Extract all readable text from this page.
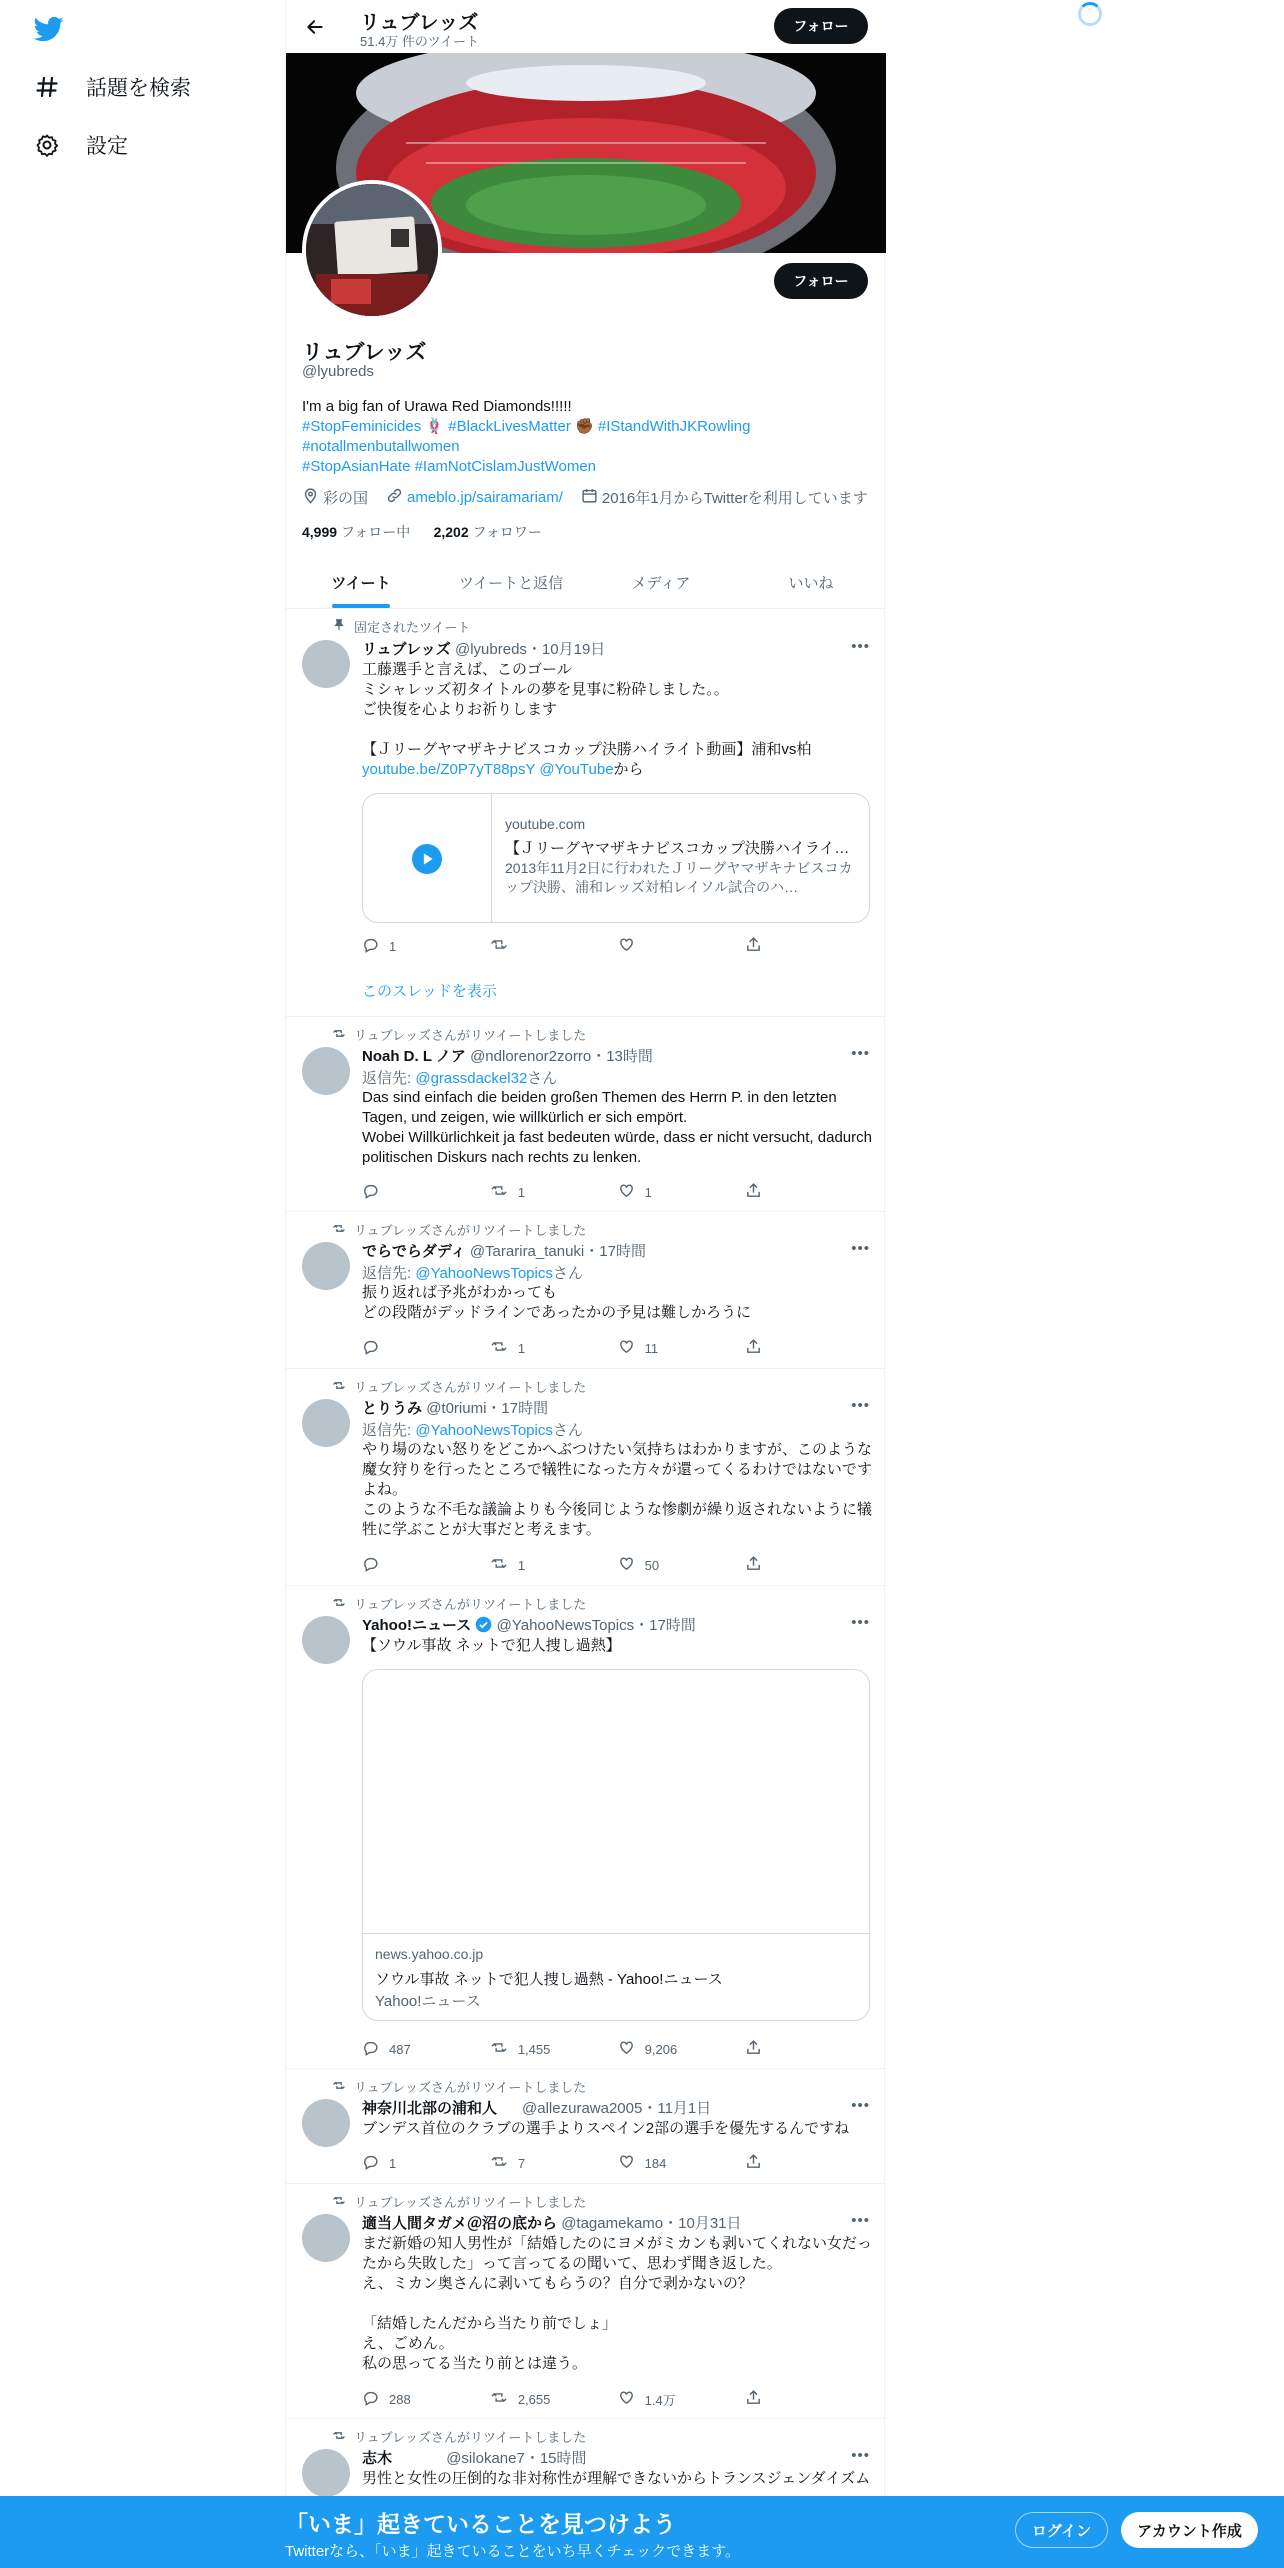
話題を検索
設定
リュブレッズ
51.4万 件のツイート
フォロー
フォロー
リュブレッズ
@lyubreds
I'm a big fan of Urawa Red Diamonds!!!!!
#StopFeminicides 🪢 #BlackLivesMatter ✊🏾 #IStandWithJKRowling
#notallmenbutallwomen
#StopAsianHate #IamNotCislamJustWomen
彩の国	ameblo.jp/sairamariam/	2016年1月からTwitterを利用しています
4,999 フォロー中 2,202 フォロワー
ツイート	ツイートと返信	メディア	いいね
固定されたツイート
リュブレッズ @lyubreds・10月19日	•••
工藤選手と言えば、このゴール
ミシャレッズ初タイトルの夢を見事に粉砕しました。。
ご快復を心よりお祈りします

【Ｊリーグヤマザキナビスコカップ決勝ハイライト動画】浦和vs柏
youtube.be/Z0P7yT88psY @YouTubeから
youtube.com
【Ｊリーグヤマザキナビスコカップ決勝ハイライ…
2013年11月2日に行われたＪリーグヤマザキナビスコカップ決勝、浦和レッズ対柏レイソル試合のハ…
1
このスレッドを表示
リュブレッズさんがリツイートしました
Noah D. L ノア @ndlorenor2zorro・13時間	•••
返信先: @grassdackel32さん
Das sind einfach die beiden großen Themen des Herrn P. in den letzten Tagen, und zeigen, wie willkürlich er sich empört.
Wobei Willkürlichkeit ja fast bedeuten würde, dass er nicht versucht, dadurch politischen Diskurs nach rechts zu lenken.
1	1
リュブレッズさんがリツイートしました
でらでらダディ @Tararira_tanuki・17時間	•••
返信先: @YahooNewsTopicsさん
振り返れば予兆がわかっても
どの段階がデッドラインであったかの予見は難しかろうに
1	11
リュブレッズさんがリツイートしました
とりうみ @t0riumi・17時間	•••
返信先: @YahooNewsTopicsさん
やり場のない怒りをどこかへぶつけたい気持ちはわかりますが、このような魔女狩りを行ったところで犠牲になった方々が還ってくるわけではないですよね。
このような不毛な議論よりも今後同じような惨劇が繰り返されないように犠牲に学ぶことが大事だと考えます。
1	50
リュブレッズさんがリツイートしました
Yahoo!ニュース @YahooNewsTopics・17時間	•••
【ソウル事故 ネットで犯人捜し過熱】
news.yahoo.co.jp
ソウル事故 ネットで犯人捜し過熱 - Yahoo!ニュース
Yahoo!ニュース
487	1,455	9,206
リュブレッズさんがリツイートしました
神奈川北部の浦和人 @allezurawa2005・11月1日	•••
ブンデス首位のクラブの選手よりスペイン2部の選手を優先するんですね
1	7	184
リュブレッズさんがリツイートしました
適当人間タガメ＠沼の底から @tagamekamo・10月31日	•••
まだ新婚の知人男性が「結婚したのにヨメがミカンも剥いてくれない女だったから失敗した」って言ってるの聞いて、思わず聞き返した。
え、ミカン奥さんに剥いてもらうの？自分で剥かないの？

「結婚したんだから当たり前でしょ」
え、ごめん。
私の思ってる当たり前とは違う。
288	2,655	1.4万
リュブレッズさんがリツイートしました
志木	@silokane7・15時間	•••
男性と女性の圧倒的な非対称性が理解できないからトランスジェンダイズム
「いま」起きていることを見つけよう
Twitterなら、「いま」起きていることをいち早くチェックできます。
ログイン	アカウント作成
